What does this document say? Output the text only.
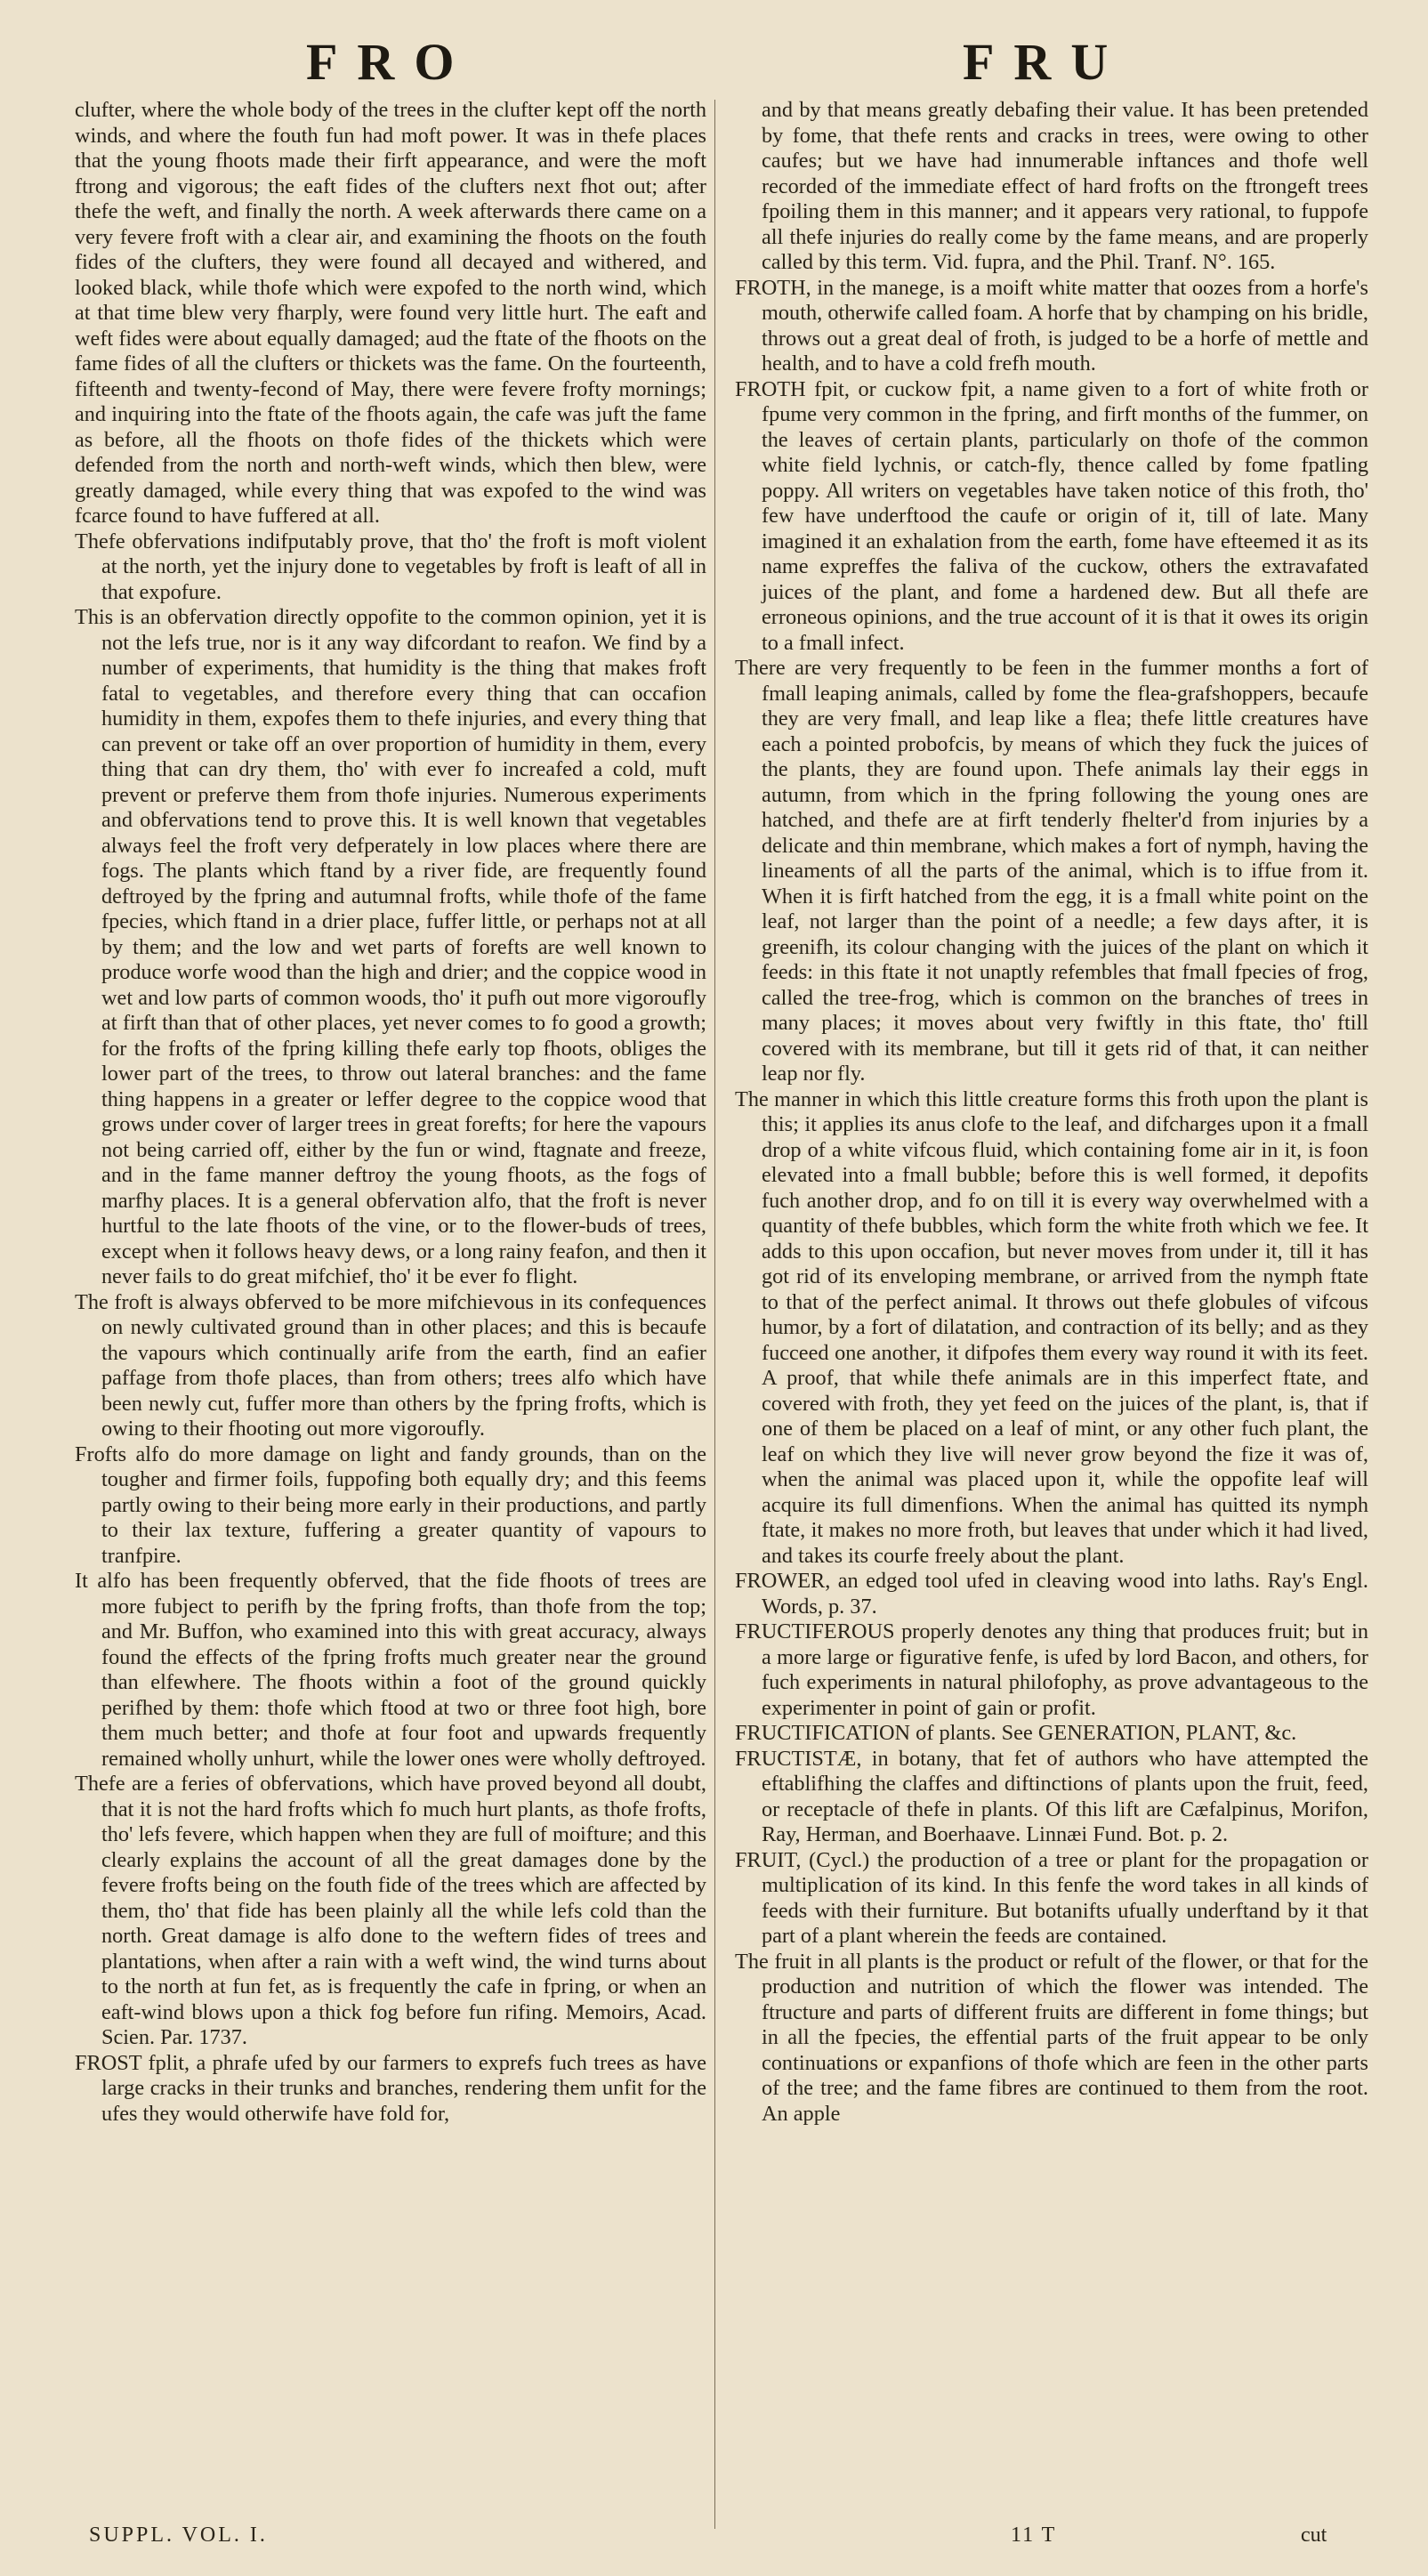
FRO	FRU

clufter, where the whole body of the trees in the clufter kept off the north winds, and where the fouth fun had moft power. It was in thefe places that the young fhoots made their firft appearance, and were the moft ftrong and vigorous; the eaft fides of the clufters next fhot out; after thefe the weft, and finally the north. A week afterwards there came on a very fevere froft with a clear air, and examining the fhoots on the fouth fides of the clufters, they were found all decayed and withered, and looked black, while thofe which were expofed to the north wind, which at that time blew very fharply, were found very little hurt. The eaft and weft fides were about equally damaged; aud the ftate of the fhoots on the fame fides of all the clufters or thickets was the fame. On the fourteenth, fifteenth and twenty-fecond of May, there were fevere frofty mornings; and inquiring into the ftate of the fhoots again, the cafe was juft the fame as before, all the fhoots on thofe fides of the thickets which were defended from the north and north-weft winds, which then blew, were greatly damaged, while every thing that was expofed to the wind was fcarce found to have fuffered at all.

Thefe obfervations indifputably prove, that tho' the froft is moft violent at the north, yet the injury done to vegetables by froft is leaft of all in that expofure.

This is an obfervation directly oppofite to the common opinion, yet it is not the lefs true, nor is it any way difcordant to reafon. We find by a number of experiments, that humidity is the thing that makes froft fatal to vegetables, and therefore every thing that can occafion humidity in them, expofes them to thefe injuries, and every thing that can prevent or take off an over proportion of humidity in them, every thing that can dry them, tho' with ever fo increafed a cold, muft prevent or preferve them from thofe injuries. Numerous experiments and obfervations tend to prove this. It is well known that vegetables always feel the froft very defperately in low places where there are fogs. The plants which ftand by a river fide, are frequently found deftroyed by the fpring and autumnal frofts, while thofe of the fame fpecies, which ftand in a drier place, fuffer little, or perhaps not at all by them; and the low and wet parts of forefts are well known to produce worfe wood than the high and drier; and the coppice wood in wet and low parts of common woods, tho' it pufh out more vigoroufly at firft than that of other places, yet never comes to fo good a growth; for the frofts of the fpring killing thefe early top fhoots, obliges the lower part of the trees, to throw out lateral branches: and the fame thing happens in a greater or leffer degree to the coppice wood that grows under cover of larger trees in great forefts; for here the vapours not being carried off, either by the fun or wind, ftagnate and freeze, and in the fame manner deftroy the young fhoots, as the fogs of marfhy places. It is a general obfervation alfo, that the froft is never hurtful to the late fhoots of the vine, or to the flower-buds of trees, except when it follows heavy dews, or a long rainy feafon, and then it never fails to do great mifchief, tho' it be ever fo flight.

The froft is always obferved to be more mifchievous in its confequences on newly cultivated ground than in other places; and this is becaufe the vapours which continually arife from the earth, find an eafier paffage from thofe places, than from others; trees alfo which have been newly cut, fuffer more than others by the fpring frofts, which is owing to their fhooting out more vigoroufly.

Frofts alfo do more damage on light and fandy grounds, than on the tougher and firmer foils, fuppofing both equally dry; and this feems partly owing to their being more early in their productions, and partly to their lax texture, fuffering a greater quantity of vapours to tranfpire.

It alfo has been frequently obferved, that the fide fhoots of trees are more fubject to perifh by the fpring frofts, than thofe from the top; and Mr. Buffon, who examined into this with great accuracy, always found the effects of the fpring frofts much greater near the ground than elfewhere. The fhoots within a foot of the ground quickly perifhed by them: thofe which ftood at two or three foot high, bore them much better; and thofe at four foot and upwards frequently remained wholly unhurt, while the lower ones were wholly deftroyed.

Thefe are a feries of obfervations, which have proved beyond all doubt, that it is not the hard frofts which fo much hurt plants, as thofe frofts, tho' lefs fevere, which happen when they are full of moifture; and this clearly explains the account of all the great damages done by the fevere frofts being on the fouth fide of the trees which are affected by them, tho' that fide has been plainly all the while lefs cold than the north. Great damage is alfo done to the weftern fides of trees and plantations, when after a rain with a weft wind, the wind turns about to the north at fun fet, as is frequently the cafe in fpring, or when an eaft-wind blows upon a thick fog before fun rifing. Memoirs, Acad. Scien. Par. 1737.

FROST fplit, a phrafe ufed by our farmers to exprefs fuch trees as have large cracks in their trunks and branches, rendering them unfit for the ufes they would otherwife have fold for,

and by that means greatly debafing their value. It has been pretended by fome, that thefe rents and cracks in trees, were owing to other caufes; but we have had innumerable inftances and thofe well recorded of the immediate effect of hard frofts on the ftrongeft trees fpoiling them in this manner; and it appears very rational, to fuppofe all thefe injuries do really come by the fame means, and are properly called by this term. Vid. fupra, and the Phil. Tranf. N°. 165.

FROTH, in the manege, is a moift white matter that oozes from a horfe's mouth, otherwife called foam. A horfe that by champing on his bridle, throws out a great deal of froth, is judged to be a horfe of mettle and health, and to have a cold frefh mouth.

FROTH fpit, or cuckow fpit, a name given to a fort of white froth or fpume very common in the fpring, and firft months of the fummer, on the leaves of certain plants, particularly on thofe of the common white field lychnis, or catch-fly, thence called by fome fpatling poppy. All writers on vegetables have taken notice of this froth, tho' few have underftood the caufe or origin of it, till of late. Many imagined it an exhalation from the earth, fome have efteemed it as its name expreffes the faliva of the cuckow, others the extravafated juices of the plant, and fome a hardened dew. But all thefe are erroneous opinions, and the true account of it is that it owes its origin to a fmall infect.

There are very frequently to be feen in the fummer months a fort of fmall leaping animals, called by fome the flea-grafshoppers, becaufe they are very fmall, and leap like a flea; thefe little creatures have each a pointed probofcis, by means of which they fuck the juices of the plants, they are found upon. Thefe animals lay their eggs in autumn, from which in the fpring following the young ones are hatched, and thefe are at firft tenderly fhelter'd from injuries by a delicate and thin membrane, which makes a fort of nymph, having the lineaments of all the parts of the animal, which is to iffue from it. When it is firft hatched from the egg, it is a fmall white point on the leaf, not larger than the point of a needle; a few days after, it is greenifh, its colour changing with the juices of the plant on which it feeds: in this ftate it not unaptly refembles that fmall fpecies of frog, called the tree-frog, which is common on the branches of trees in many places; it moves about very fwiftly in this ftate, tho' ftill covered with its membrane, but till it gets rid of that, it can neither leap nor fly.

The manner in which this little creature forms this froth upon the plant is this; it applies its anus clofe to the leaf, and difcharges upon it a fmall drop of a white vifcous fluid, which containing fome air in it, is foon elevated into a fmall bubble; before this is well formed, it depofits fuch another drop, and fo on till it is every way overwhelmed with a quantity of thefe bubbles, which form the white froth which we fee. It adds to this upon occafion, but never moves from under it, till it has got rid of its enveloping membrane, or arrived from the nymph ftate to that of the perfect animal. It throws out thefe globules of vifcous humor, by a fort of dilatation, and contraction of its belly; and as they fucceed one another, it difpofes them every way round it with its feet. A proof, that while thefe animals are in this imperfect ftate, and covered with froth, they yet feed on the juices of the plant, is, that if one of them be placed on a leaf of mint, or any other fuch plant, the leaf on which they live will never grow beyond the fize it was of, when the animal was placed upon it, while the oppofite leaf will acquire its full dimenfions. When the animal has quitted its nymph ftate, it makes no more froth, but leaves that under which it had lived, and takes its courfe freely about the plant.

FROWER, an edged tool ufed in cleaving wood into laths. Ray's Engl. Words, p. 37.

FRUCTIFEROUS properly denotes any thing that produces fruit; but in a more large or figurative fenfe, is ufed by lord Bacon, and others, for fuch experiments in natural philofophy, as prove advantageous to the experimenter in point of gain or profit.

FRUCTIFICATION of plants. See GENERATION, PLANT, &c.

FRUCTISTÆ, in botany, that fet of authors who have attempted the eftablifhing the claffes and diftinctions of plants upon the fruit, feed, or receptacle of thefe in plants. Of this lift are Cæfalpinus, Morifon, Ray, Herman, and Boerhaave. Linnæi Fund. Bot. p. 2.

FRUIT, (Cycl.) the production of a tree or plant for the propagation or multiplication of its kind. In this fenfe the word takes in all kinds of feeds with their furniture. But botanifts ufually underftand by it that part of a plant wherein the feeds are contained.

The fruit in all plants is the product or refult of the flower, or that for the production and nutrition of which the flower was intended. The ftructure and parts of different fruits are different in fome things; but in all the fpecies, the effential parts of the fruit appear to be only continuations or expanfions of thofe which are feen in the other parts of the tree; and the fame fibres are continued to them from the root. An apple

SUPPL. VOL. I.	11 T	cut
